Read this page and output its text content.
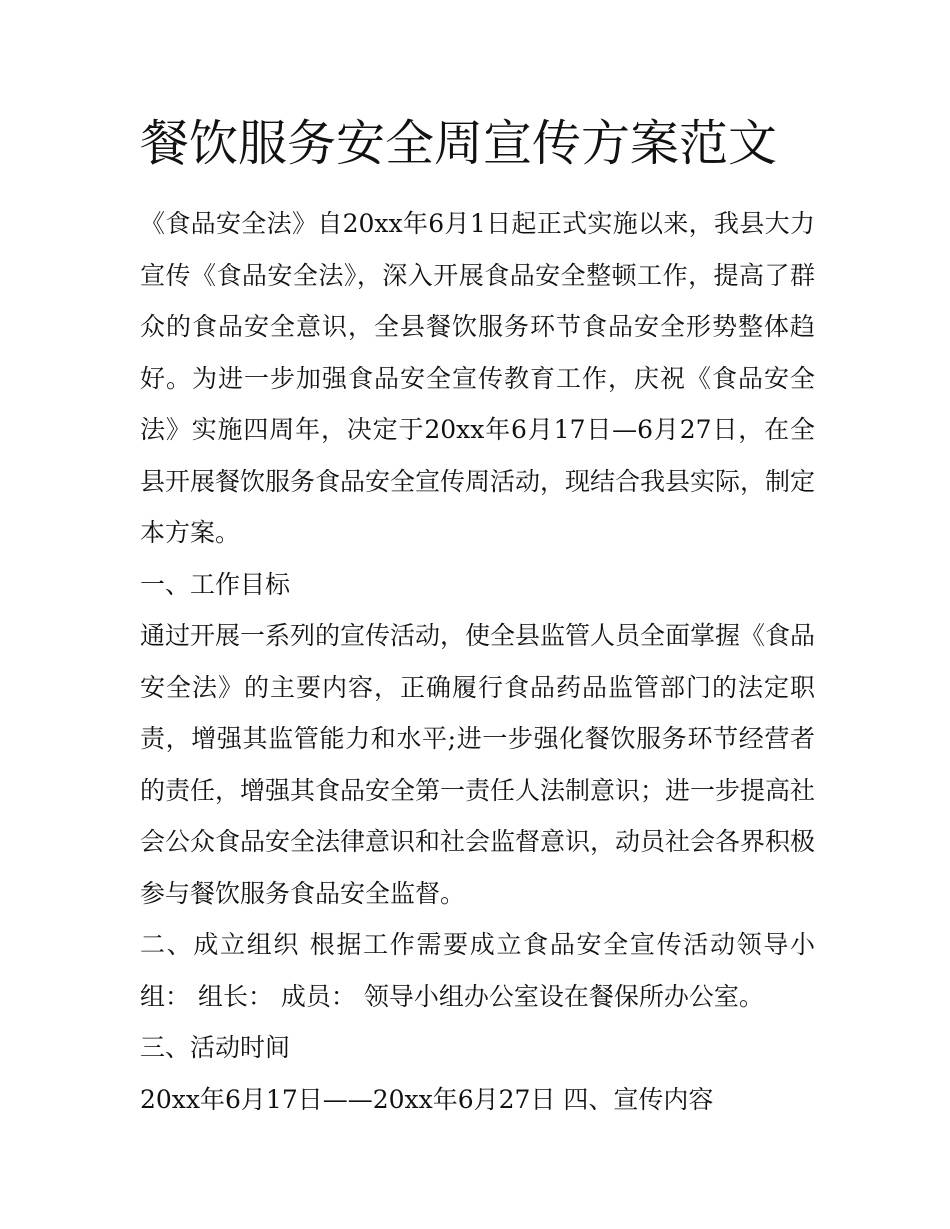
餐饮服务安全周宣传方案范文

《食品安全法》自20xx年6月1日起正式实施以来，我县大力宣传《食品安全法》，深入开展食品安全整顿工作，提高了群众的食品安全意识，全县餐饮服务环节食品安全形势整体趋好。为进一步加强食品安全宣传教育工作，庆祝《食品安全法》实施四周年，决定于20xx年6月17日—6月27日，在全县开展餐饮服务食品安全宣传周活动，现结合我县实际，制定本方案。

一、工作目标

通过开展一系列的宣传活动，使全县监管人员全面掌握《食品安全法》的主要内容，正确履行食品药品监管部门的法定职责，增强其监管能力和水平;进一步强化餐饮服务环节经营者的责任，增强其食品安全第一责任人法制意识；进一步提高社会公众食品安全法律意识和社会监督意识，动员社会各界积极参与餐饮服务食品安全监督。

二、成立组织 根据工作需要成立食品安全宣传活动领导小组： 组长： 成员： 领导小组办公室设在餐保所办公室。

三、活动时间

20xx年6月17日——20xx年6月27日 四、宣传内容
